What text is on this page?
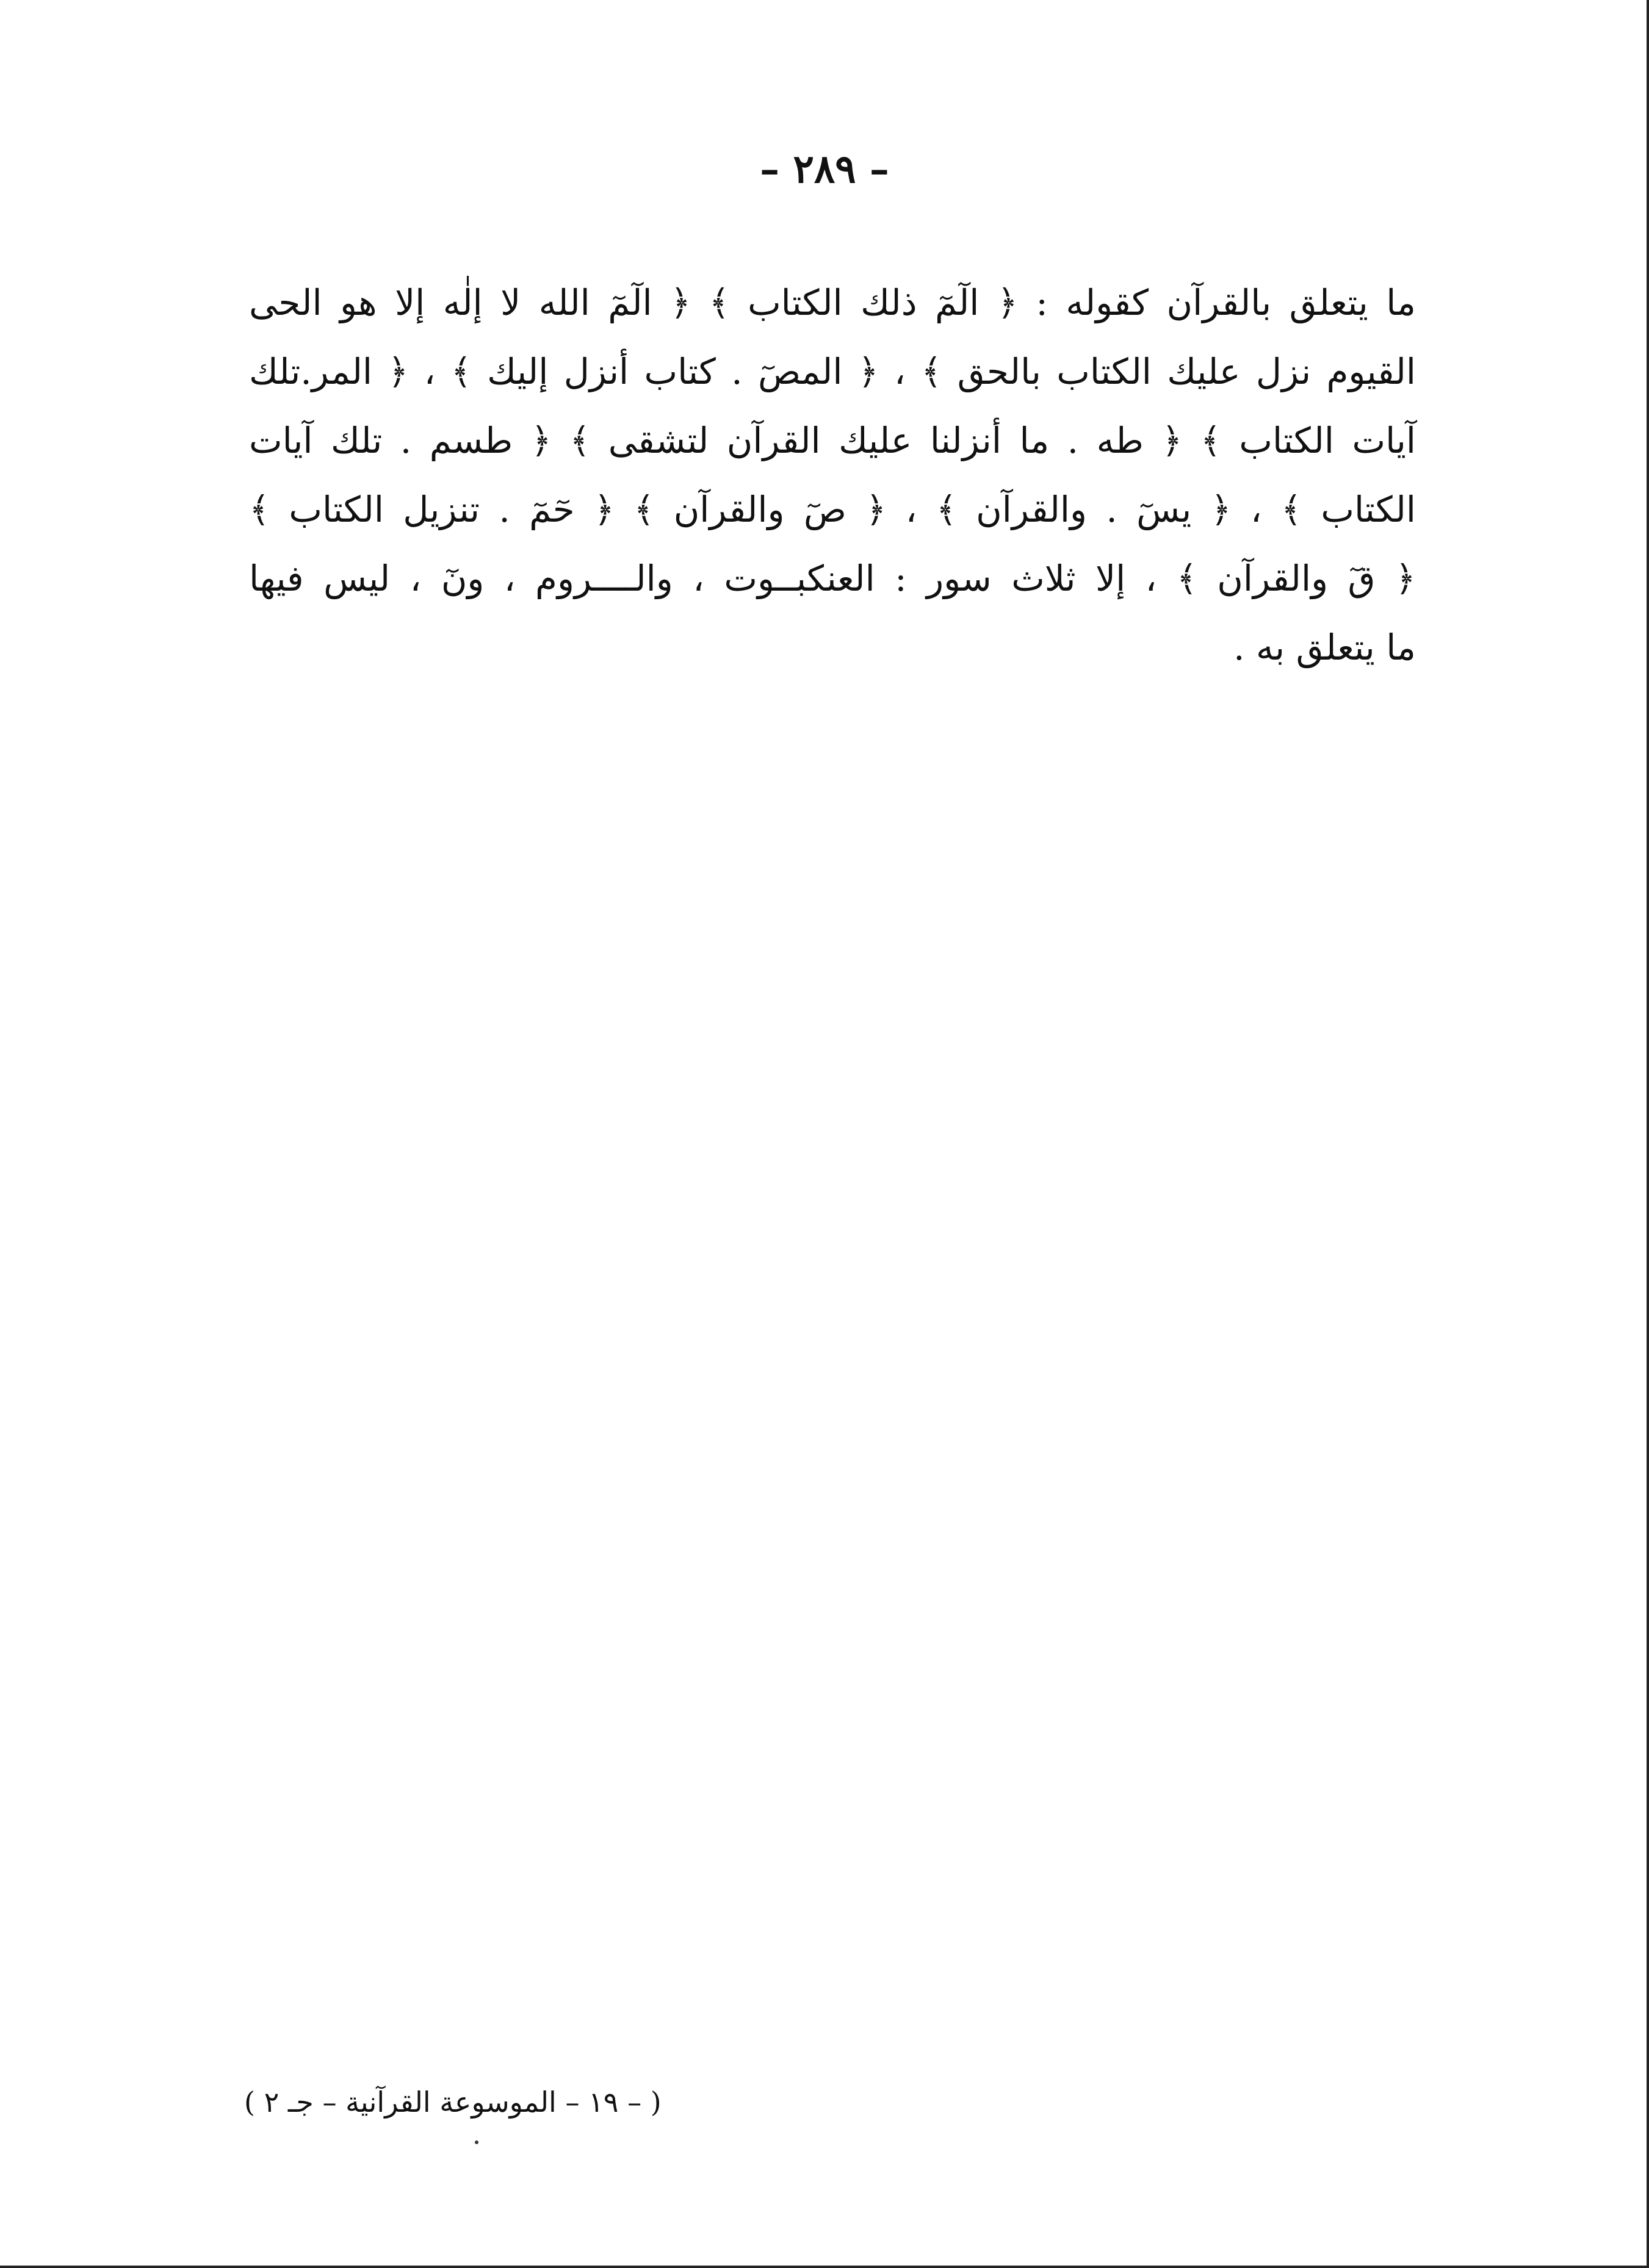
– ٢٨٩ –
ما يتعلق بالقرآن كقوله : ﴿ الٓمٓ ذلك الكتاب ﴾ ﴿ الٓمٓ الله لا إلٰه إلا هو الحى
القيوم نزل عليك الكتاب بالحق ﴾ ، ﴿ المصٓ . كتاب أنزل إليك ﴾ ، ﴿ المر.تلك
آيات الكتاب ﴾ ﴿ طه . ما أنزلنا عليك القرآن لتشقى ﴾ ﴿ طسم . تلك آيات
الكتاب ﴾ ، ﴿ يسٓ . والقرآن ﴾ ، ﴿ صٓ والقرآن ﴾ ﴿ حٓمٓ . تنزيل الكتاب ﴾
﴿ قٓ والقرآن ﴾ ، إلا ثلاث سور : العنكبــوت ، والــــروم ، ونٓ ، ليس فيها
ما يتعلق به .
( – ١٩ – الموسوعة القرآنية – جـ ٢ )
